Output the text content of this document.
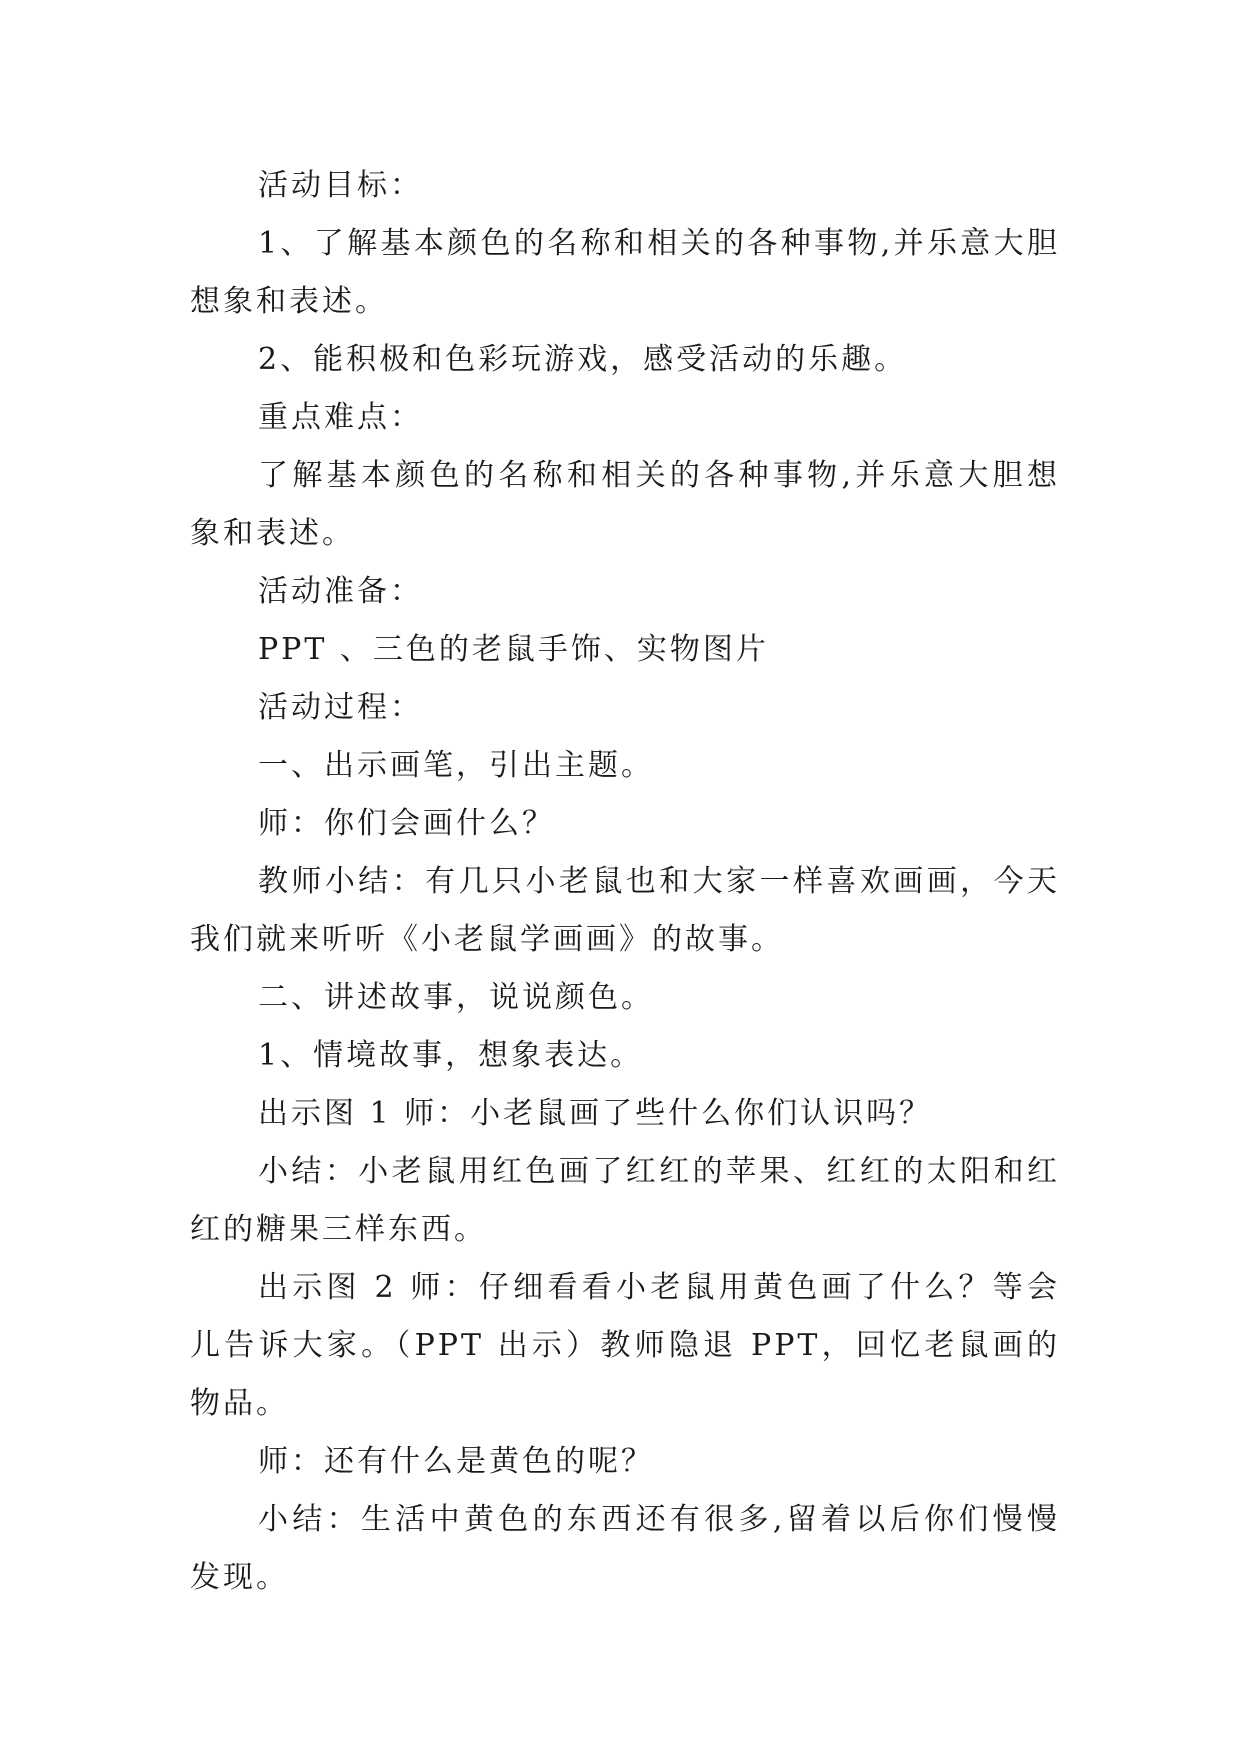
活动目标：

1、了解基本颜色的名称和相关的各种事物,并乐意大胆想象和表述。

2、能积极和色彩玩游戏，感受活动的乐趣。

重点难点：

了解基本颜色的名称和相关的各种事物,并乐意大胆想象和表述。

活动准备：

PPT 、三色的老鼠手饰、实物图片

活动过程：

一、出示画笔，引出主题。

师：你们会画什么？

教师小结：有几只小老鼠也和大家一样喜欢画画，今天我们就来听听《小老鼠学画画》的故事。

二、讲述故事，说说颜色。

1、情境故事，想象表达。

出示图 1 师：小老鼠画了些什么你们认识吗？

小结：小老鼠用红色画了红红的苹果、红红的太阳和红红的糖果三样东西。

出示图 2 师：仔细看看小老鼠用黄色画了什么？等会儿告诉大家。（PPT 出示）教师隐退 PPT，回忆老鼠画的物品。

师：还有什么是黄色的呢？

小结：生活中黄色的东西还有很多,留着以后你们慢慢发现。
